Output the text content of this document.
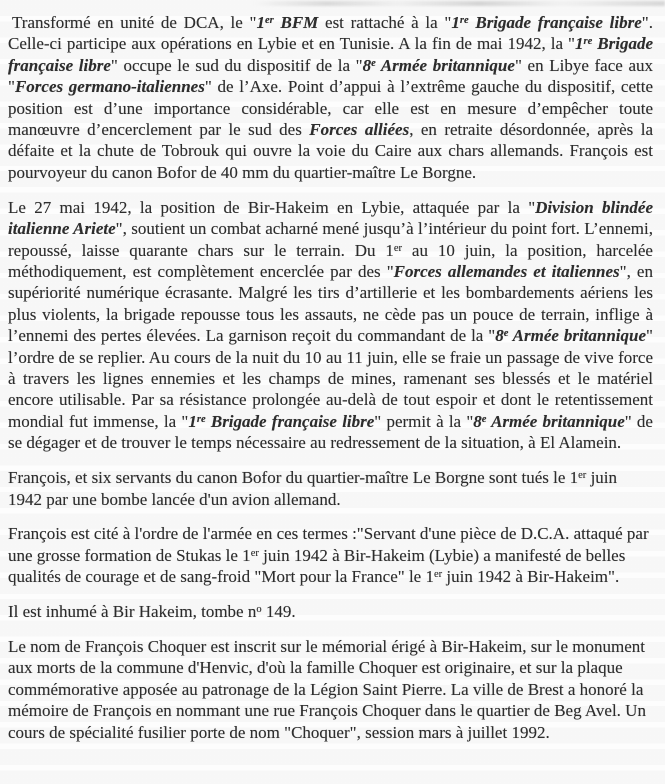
Transformé en unité de DCA, le "1er BFM est rattaché à la "1re Brigade française libre". Celle-ci participe aux opérations en Lybie et en Tunisie. A la fin de mai 1942, la "1re Brigade française libre" occupe le sud du dispositif de la "8e Armée britannique" en Libye face aux "Forces germano-italiennes" de l’Axe. Point d’appui à l’extrême gauche du dispositif, cette position est d’une importance considérable, car elle est en mesure d’empêcher toute manœuvre d’encerclement par le sud des Forces alliées, en retraite désordonnée, après la défaite et la chute de Tobrouk qui ouvre la voie du Caire aux chars allemands. François est pourvoyeur du canon Bofor de 40 mm du quartier-maître Le Borgne.

Le 27 mai 1942, la position de Bir-Hakeim en Lybie, attaquée par la "Division blindée italienne Ariete", soutient un combat acharné mené jusqu’à l’intérieur du point fort. L’ennemi, repoussé, laisse quarante chars sur le terrain. Du 1er au 10 juin, la position, harcelée méthodiquement, est complètement encerclée par des "Forces allemandes et italiennes", en supériorité numérique écrasante. Malgré les tirs d’artillerie et les bombardements aériens les plus violents, la brigade repousse tous les assauts, ne cède pas un pouce de terrain, inflige à l’ennemi des pertes élevées. La garnison reçoit du commandant de la "8e Armée britannique" l’ordre de se replier. Au cours de la nuit du 10 au 11 juin, elle se fraie un passage de vive force à travers les lignes ennemies et les champs de mines, ramenant ses blessés et le matériel encore utilisable. Par sa résistance prolongée au-delà de tout espoir et dont le retentissement mondial fut immense, la "1re Brigade française libre" permit à la "8e Armée britannique" de se dégager et de trouver le temps nécessaire au redressement de la situation, à El Alamein.

François, et six servants du canon Bofor du quartier-maître Le Borgne sont tués le 1er juin 1942 par une bombe lancée d'un avion allemand.

François est cité à l'ordre de l'armée en ces termes :"Servant d'une pièce de D.C.A. attaqué par une grosse formation de Stukas le 1er juin 1942 à Bir-Hakeim (Lybie) a manifesté de belles qualités de courage et de sang-froid "Mort pour la France" le 1er juin 1942 à Bir-Hakeim".

Il est inhumé à Bir Hakeim, tombe $n^o$ 149.

Le nom de François Choquer est inscrit sur le mémorial érigé à Bir-Hakeim, sur le monument aux morts de la commune d'Henvic, d'où la famille Choquer est originaire, et sur la plaque commémorative apposée au patronage de la Légion Saint Pierre. La ville de Brest a honoré la mémoire de François en nommant une rue François Choquer dans le quartier de Beg Avel. Un cours de spécialité fusilier porte de nom "Choquer", session mars à juillet 1992.
